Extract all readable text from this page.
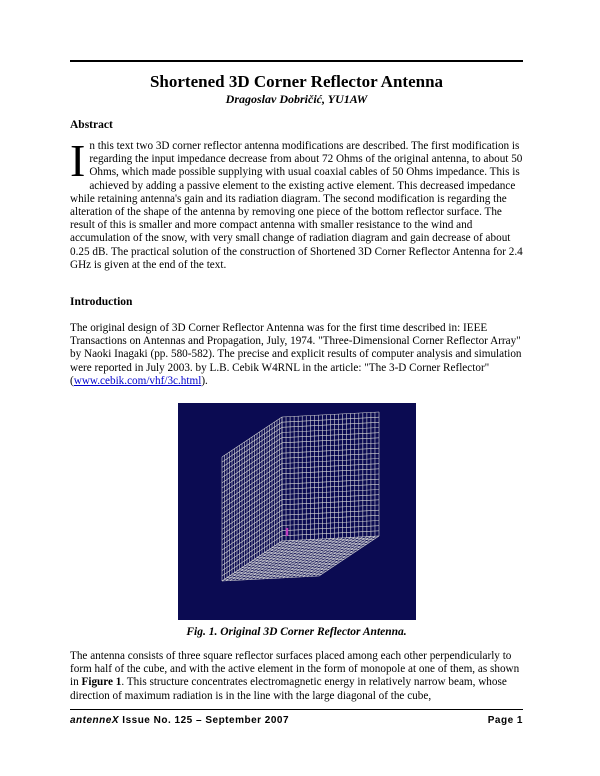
Shortened 3D Corner Reflector Antenna
Dragoslav Dobričić, YU1AW
Abstract
In this text two 3D corner reflector antenna modifications are described. The first modification is regarding the input impedance decrease from about 72 Ohms of the original antenna, to about 50 Ohms, which made possible supplying with usual coaxial cables of 50 Ohms impedance. This is achieved by adding a passive element to the existing active element. This decreased impedance while retaining antenna's gain and its radiation diagram. The second modification is regarding the alteration of the shape of the antenna by removing one piece of the bottom reflector surface. The result of this is smaller and more compact antenna with smaller resistance to the wind and accumulation of the snow, with very small change of radiation diagram and gain decrease of about 0.25 dB. The practical solution of the construction of Shortened 3D Corner Reflector Antenna for 2.4 GHz is given at the end of the text.
Introduction
The original design of 3D Corner Reflector Antenna was for the first time described in: IEEE Transactions on Antennas and Propagation, July, 1974. "Three-Dimensional Corner Reflector Array" by Naoki Inagaki (pp. 580-582). The precise and explicit results of computer analysis and simulation were reported in July 2003. by L.B. Cebik W4RNL in the article: "The 3-D Corner Reflector" (www.cebik.com/vhf/3c.html).
Fig. 1. Original 3D Corner Reflector Antenna.
The antenna consists of three square reflector surfaces placed among each other perpendicularly to form half of the cube, and with the active element in the form of monopole at one of them, as shown in Figure 1. This structure concentrates electromagnetic energy in relatively narrow beam, whose direction of maximum radiation is in the line with the large diagonal of the cube,
antenneX Issue No. 125 – September 2007	Page 1
